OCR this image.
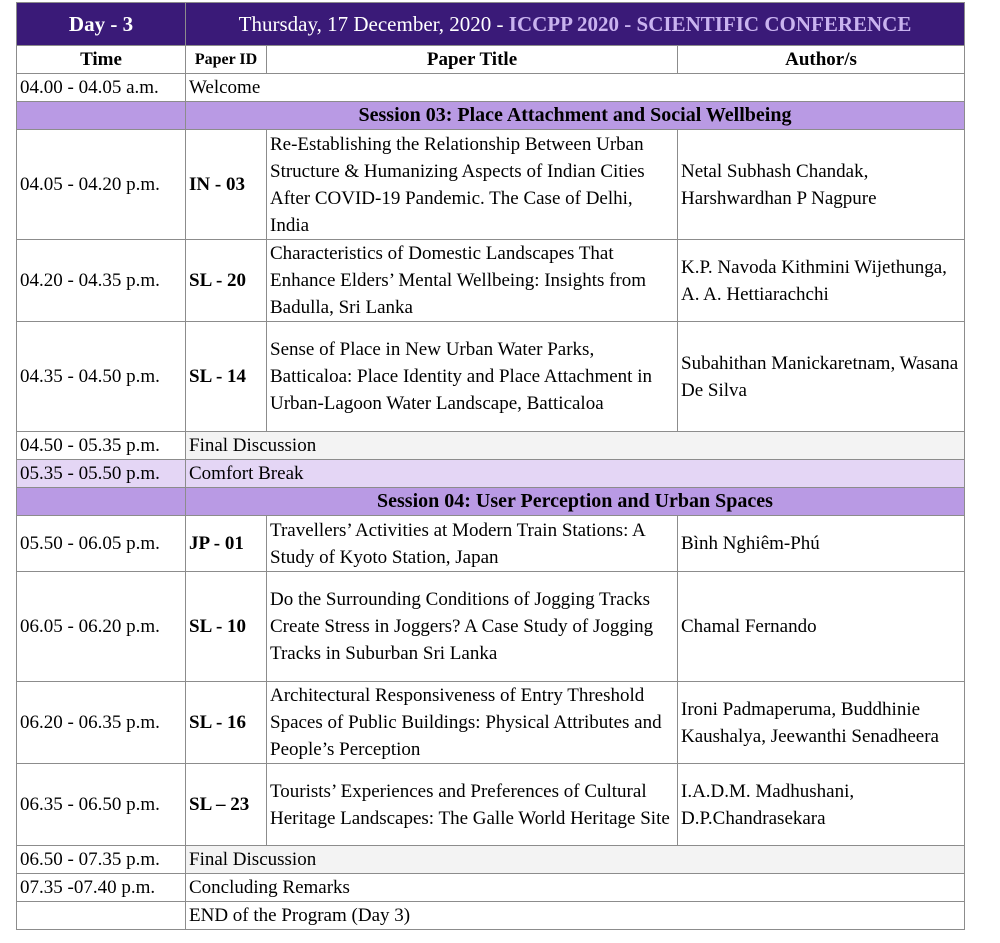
Day - 3	Thursday, 17 December, 2020 - ICCPP 2020 - SCIENTIFIC CONFERENCE		
Time	Paper ID	Paper Title	Author/s
04.00 - 04.05 a.m.	Welcome		
	Session 03: Place Attachment and Social Wellbeing		
04.05 - 04.20 p.m.	IN - 03	Re-Establishing the Relationship Between Urban Structure & Humanizing Aspects of Indian Cities After COVID-19 Pandemic. The Case of Delhi, India	Netal Subhash Chandak, Harshwardhan P Nagpure
04.20 - 04.35 p.m.	SL - 20	Characteristics of Domestic Landscapes That Enhance Elders’ Mental Wellbeing: Insights from Badulla, Sri Lanka	K.P. Navoda Kithmini Wijethunga, A. A. Hettiarachchi
04.35 - 04.50 p.m.	SL - 14	Sense of Place in New Urban Water Parks, Batticaloa: Place Identity and Place Attachment in Urban-Lagoon Water Landscape, Batticaloa	Subahithan Manickaretnam, Wasana De Silva
04.50 - 05.35 p.m.	Final Discussion		
05.35 - 05.50 p.m.	Comfort Break		
	Session 04: User Perception and Urban Spaces		
05.50 - 06.05 p.m.	JP - 01	Travellers’ Activities at Modern Train Stations: A Study of Kyoto Station, Japan	Bình Nghiêm-Phú
06.05 - 06.20 p.m.	SL - 10	Do the Surrounding Conditions of Jogging Tracks Create Stress in Joggers? A Case Study of Jogging Tracks in Suburban Sri Lanka	Chamal Fernando
06.20 - 06.35 p.m.	SL - 16	Architectural Responsiveness of Entry Threshold Spaces of Public Buildings: Physical Attributes and People’s Perception	Ironi Padmaperuma, Buddhinie Kaushalya, Jeewanthi Senadheera
06.35 - 06.50 p.m.	SL – 23	Tourists’ Experiences and Preferences of Cultural Heritage Landscapes: The Galle World Heritage Site	I.A.D.M. Madhushani, D.P.Chandrasekara
06.50 - 07.35 p.m.	Final Discussion		
07.35 -07.40 p.m.	Concluding Remarks		
	END of the Program (Day 3)		
